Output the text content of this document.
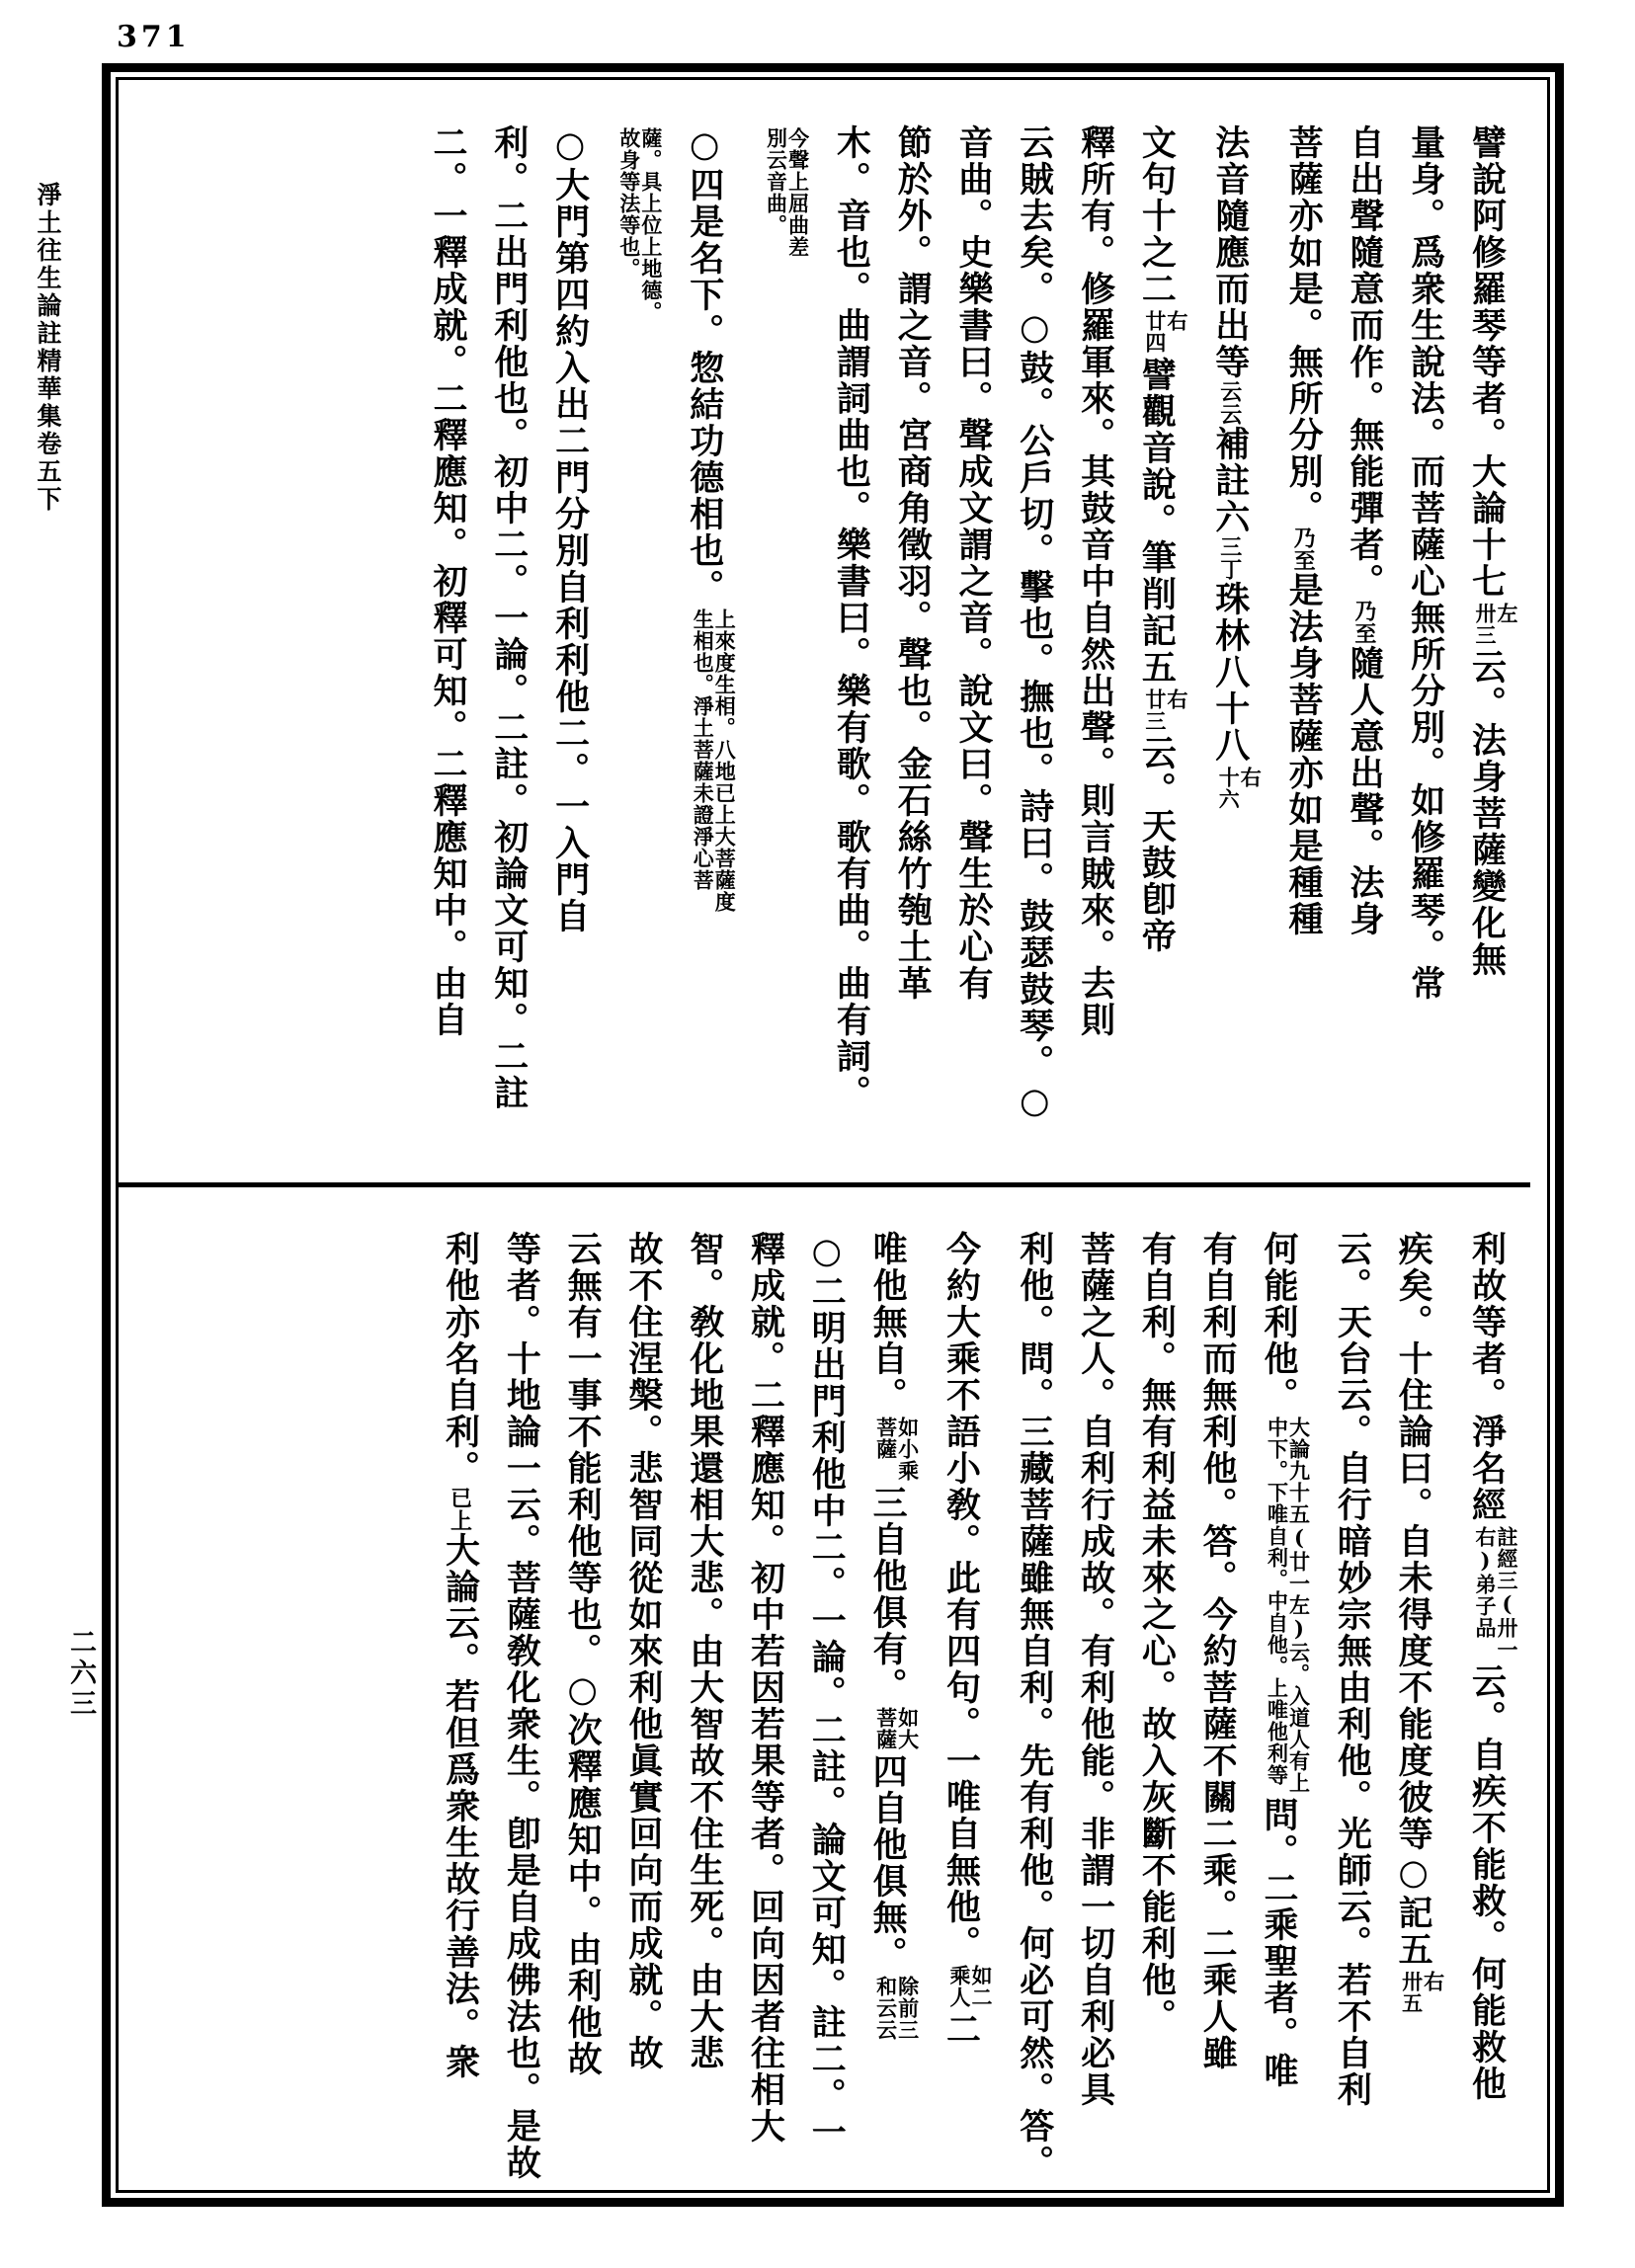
371
淨土往生論註精華集卷五下
二六三
譬說阿修羅琴等者。大論十七
左
卅三
云。法身菩薩變化無
量身。爲衆生說法。而菩薩心無所分別。如修羅琴。常
自出聲隨意而作。無能彈者。乃至隨人意出聲。法身
菩薩亦如是。無所分別。乃至是法身菩薩亦如是種種
法音隨應而出等云云補註六三丁珠林八十八
右
十六
文句十之二
右
廿四
譬觀音說。筆削記五
右
廿三
云。天鼓卽帝
釋所有。修羅軍來。其鼓音中自然出聲。則言賊來。去則
云賊去矣。○鼓。公戶切。擊也。撫也。詩曰。鼓瑟鼓琴。○
音曲。史樂書曰。聲成文謂之音。說文曰。聲生於心有
節於外。謂之音。宮商角徵羽。聲也。金石絲竹匏土革
木。音也。曲謂詞曲也。樂書曰。樂有歌。歌有曲。曲有詞。
今聲上屈曲差
別云音曲。
○四是名下。惣結功德相也。
上來度生相。八地已上大菩薩度
生相也。淨土菩薩未證淨心菩
薩。具上位上地德。
故身等法等也。
○大門第四約入出二門分別自利利他二。一入門自
利。二出門利他也。初中二。一論。二註。初論文可知。二註
二。一釋成就。二釋應知。初釋可知。二釋應知中。由自
利故等者。淨名經
註經三(卅一
右)弟子品
云。自疾不能救。何能救他
疾矣。十住論曰。自未得度不能度彼等○記五
右
卅五
云。天台云。自行暗妙宗無由利他。光師云。若不自利
何能利他。
大論九十五(廿一左)云。入道人有上
中下。下唯自利。中自他。上唯他利等
問。二乘聖者。唯
有自利而無利他。答。今約菩薩不關二乘。二乘人雖
有自利。無有利益未來之心。故入灰斷不能利他。
菩薩之人。自利行成故。有利他能。非謂一切自利必具
利他。問。三藏菩薩雖無自利。先有利他。何必可然。答。
今約大乘不語小敎。此有四句。一唯自無他。
如二
乘人
二
唯他無自。
如小乘
菩薩
三自他俱有。
如大
菩薩
四自他俱無。
除前三
和云云
○二明出門利他中二。一論。二註。論文可知。註二。一
釋成就。二釋應知。初中若因若果等者。回向因者往相大
智。敎化地果還相大悲。由大智故不住生死。由大悲
故不住涅槃。悲智同從如來利他眞實回向而成就。故
云無有一事不能利他等也。○次釋應知中。由利他故
等者。十地論一云。菩薩敎化衆生。卽是自成佛法也。是故
利他亦名自利。已上大論云。若但爲衆生故行善法。衆
